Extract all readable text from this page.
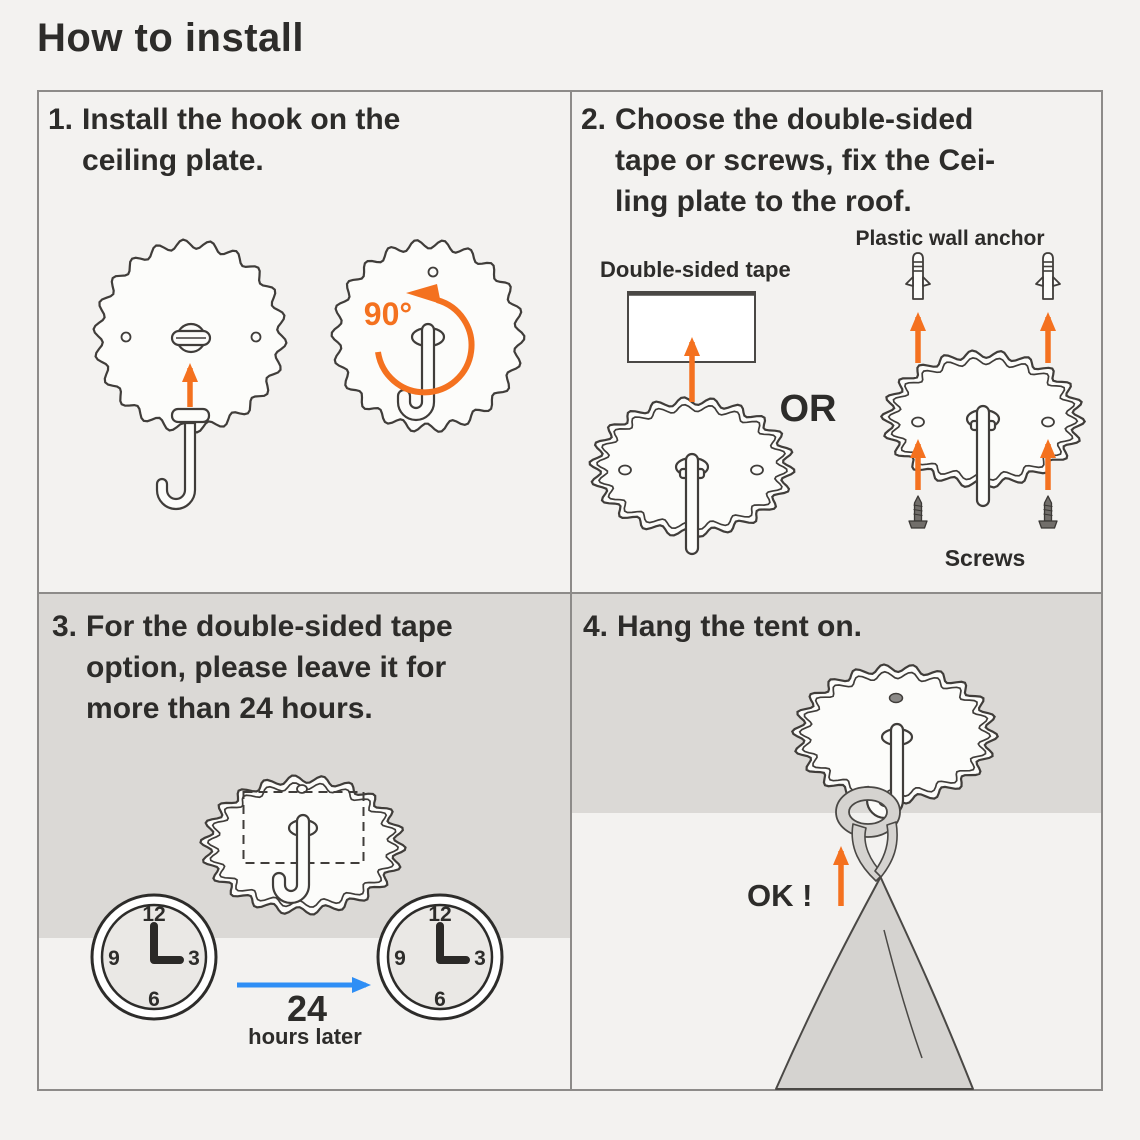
How to install
1. Install the hook on the
ceiling plate.
2. Choose the double-sided
tape or screws, fix the Cei-
ling plate to the roof.
3. For the double-sided tape
option, please leave it for
more than 24 hours.
4. Hang the tent on.
90°
Double-sided tape
OR
Plastic wall anchor
Screws
12
3
6
9
24
hours later
OK !
